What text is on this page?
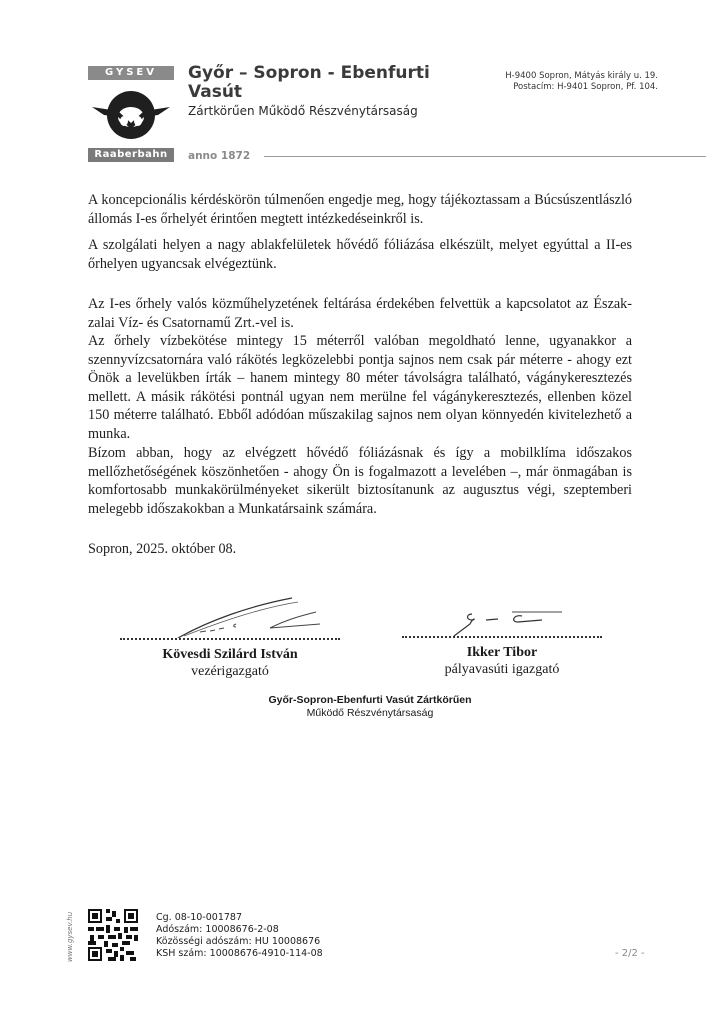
GYSEV
Raaberbahn
Győr – Sopron - Ebenfurti Vasút
Zártkörűen Működő Részvénytársaság
H-9400 Sopron, Mátyás király u. 19.
Postacím: H-9401 Sopron, Pf. 104.
anno 1872
A koncepcionális kérdéskörön túlmenően engedje meg, hogy tájékoztassam a Búcsúszentlászló állomás I-es őrhelyét érintően megtett intézkedéseinkről is.
A szolgálati helyen a nagy ablakfelületek hővédő fóliázása elkészült, melyet egyúttal a II-es őrhelyen ugyancsak elvégeztünk.
Az I-es őrhely valós közműhelyzetének feltárása érdekében felvettük a kapcsolatot az Észak-zalai Víz- és Csatornamű Zrt.-vel is.
Az őrhely vízbekötése mintegy 15 méterről valóban megoldható lenne, ugyanakkor a szennyvízcsatornára való rákötés legközelebbi pontja sajnos nem csak pár méterre - ahogy ezt Önök a levelükben írták – hanem mintegy 80 méter távolságra található, vágánykeresztezés mellett. A másik rákötési pontnál ugyan nem merülne fel vágánykeresztezés, ellenben közel 150 méterre található. Ebből adódóan műszakilag sajnos nem olyan könnyedén kivitelezhető a munka.
Bízom abban, hogy az elvégzett hővédő fóliázásnak és így a mobilklíma időszakos mellőzhetőségének köszönhetően - ahogy Ön is fogalmazott a levelében –, már önmagában is komfortosabb munkakörülményeket sikerült biztosítanunk az augusztus végi, szeptemberi melegebb időszakokban a Munkatársaink számára.
Sopron, 2025. október 08.
Kövesdi Szilárd István
vezérigazgató
Ikker Tibor
pályavasúti igazgató
Győr-Sopron-Ebenfurti Vasút Zártkörűen
Működő Részvénytársaság
www.gysev.hu	Cg. 08-10-001787
Adószám: 10008676-2-08
Közösségi adószám: HU 10008676
KSH szám: 10008676-4910-114-08	- 2/2 -
